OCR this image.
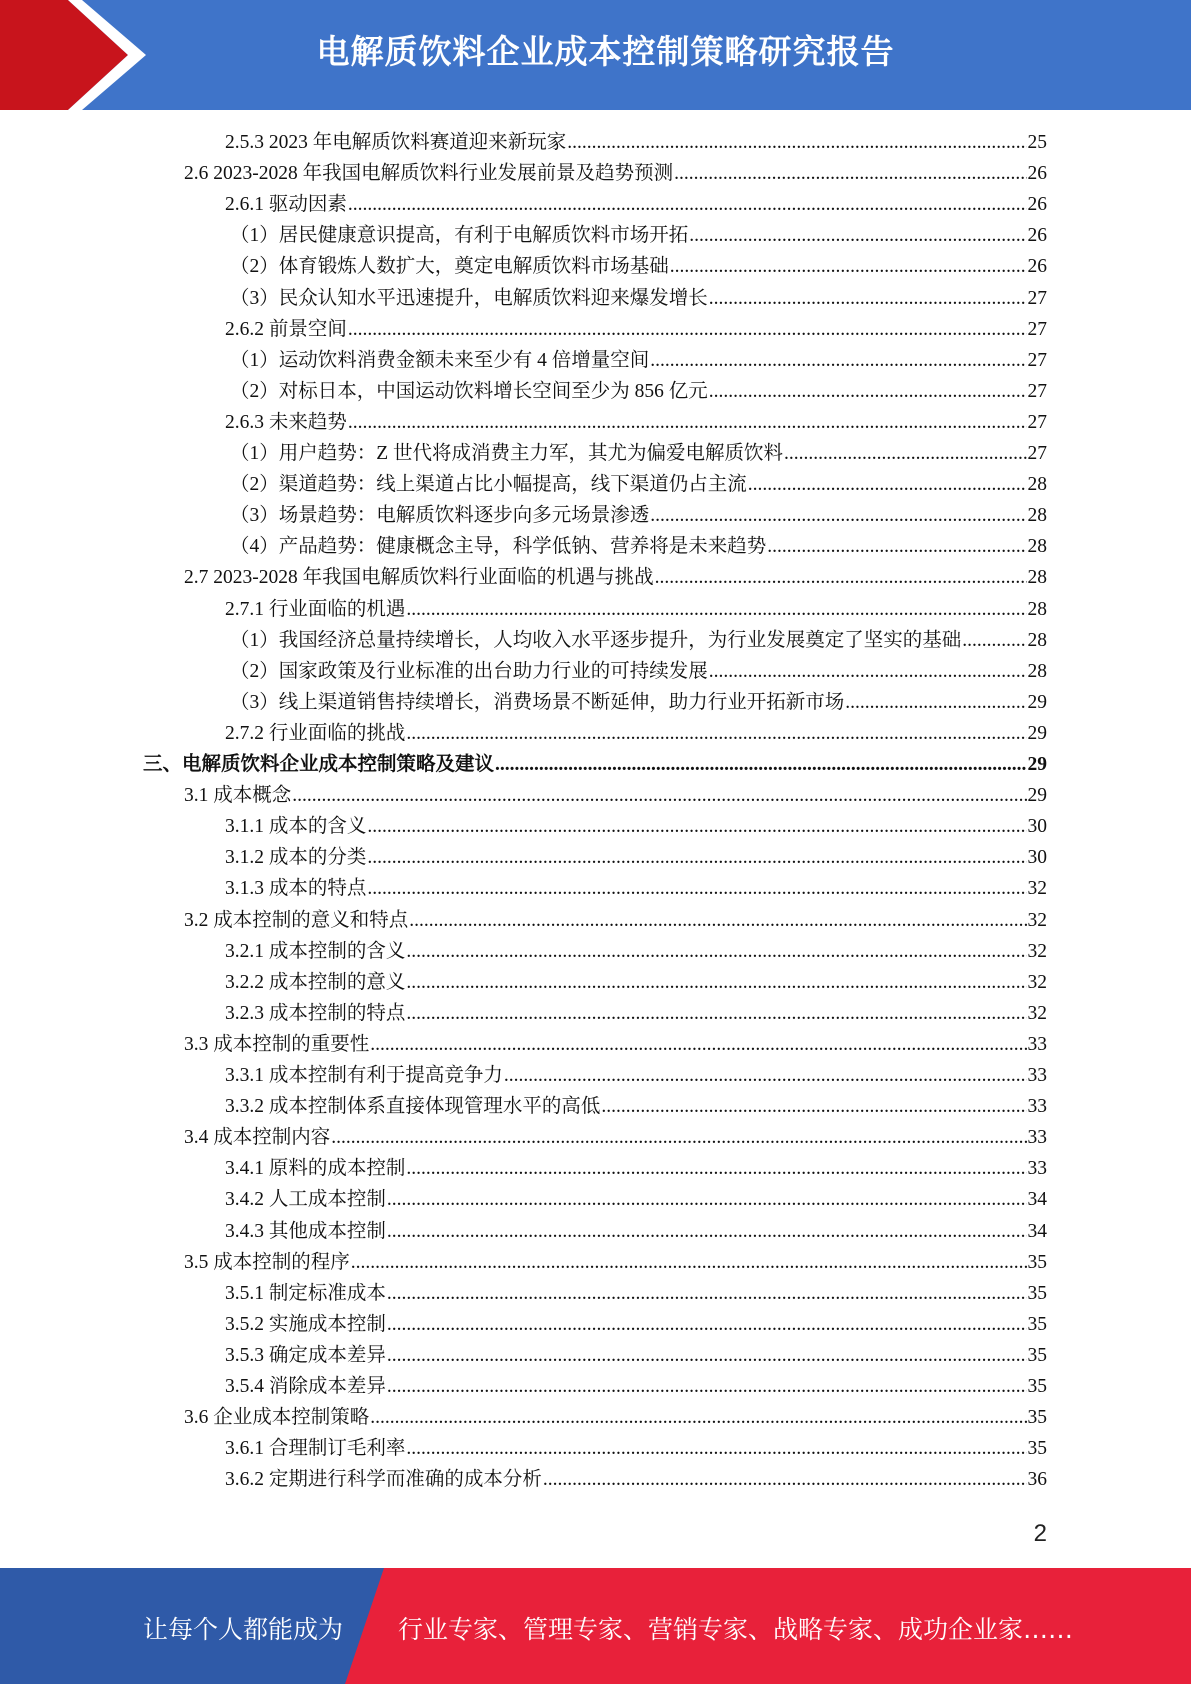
电解质饮料企业成本控制策略研究报告
2.5.3 2023 年电解质饮料赛道迎来新玩家 .....	25
2.6 2023-2028 年我国电解质饮料行业发展前景及趋势预测 .....	26
2.6.1 驱动因素 .....	26
（1）居民健康意识提高，有利于电解质饮料市场开拓 .....	26
（2）体育锻炼人数扩大，奠定电解质饮料市场基础 .....	26
（3）民众认知水平迅速提升，电解质饮料迎来爆发增长 .....	27
2.6.2 前景空间 .....	27
（1）运动饮料消费金额未来至少有 4 倍增量空间 .....	27
（2）对标日本，中国运动饮料增长空间至少为 856 亿元 .....	27
2.6.3 未来趋势 .....	27
（1）用户趋势：Z 世代将成消费主力军，其尤为偏爱电解质饮料 .....	27
（2）渠道趋势：线上渠道占比小幅提高，线下渠道仍占主流 .....	28
（3）场景趋势：电解质饮料逐步向多元场景渗透 .....	28
（4）产品趋势：健康概念主导，科学低钠、营养将是未来趋势 .....	28
2.7 2023-2028 年我国电解质饮料行业面临的机遇与挑战 .....	28
2.7.1 行业面临的机遇 .....	28
（1）我国经济总量持续增长，人均收入水平逐步提升，为行业发展奠定了坚实的基础 .....	28
（2）国家政策及行业标准的出台助力行业的可持续发展 .....	28
（3）线上渠道销售持续增长，消费场景不断延伸，助力行业开拓新市场 .....	29
2.7.2 行业面临的挑战 .....	29
三、电解质饮料企业成本控制策略及建议 .....	29
3.1 成本概念 .....	29
3.1.1 成本的含义 .....	30
3.1.2 成本的分类 .....	30
3.1.3 成本的特点 .....	32
3.2 成本控制的意义和特点 .....	32
3.2.1 成本控制的含义 .....	32
3.2.2 成本控制的意义 .....	32
3.2.3 成本控制的特点 .....	32
3.3 成本控制的重要性 .....	33
3.3.1 成本控制有利于提高竞争力 .....	33
3.3.2 成本控制体系直接体现管理水平的高低 .....	33
3.4 成本控制内容 .....	33
3.4.1 原料的成本控制 .....	33
3.4.2 人工成本控制 .....	34
3.4.3 其他成本控制 .....	34
3.5 成本控制的程序 .....	35
3.5.1 制定标准成本 .....	35
3.5.2 实施成本控制 .....	35
3.5.3 确定成本差异 .....	35
3.5.4 消除成本差异 .....	35
3.6 企业成本控制策略 .....	35
3.6.1 合理制订毛利率 .....	35
3.6.2 定期进行科学而准确的成本分析 .....	36
2
让每个人都能成为 行业专家、管理专家、营销专家、战略专家、成功企业家……
